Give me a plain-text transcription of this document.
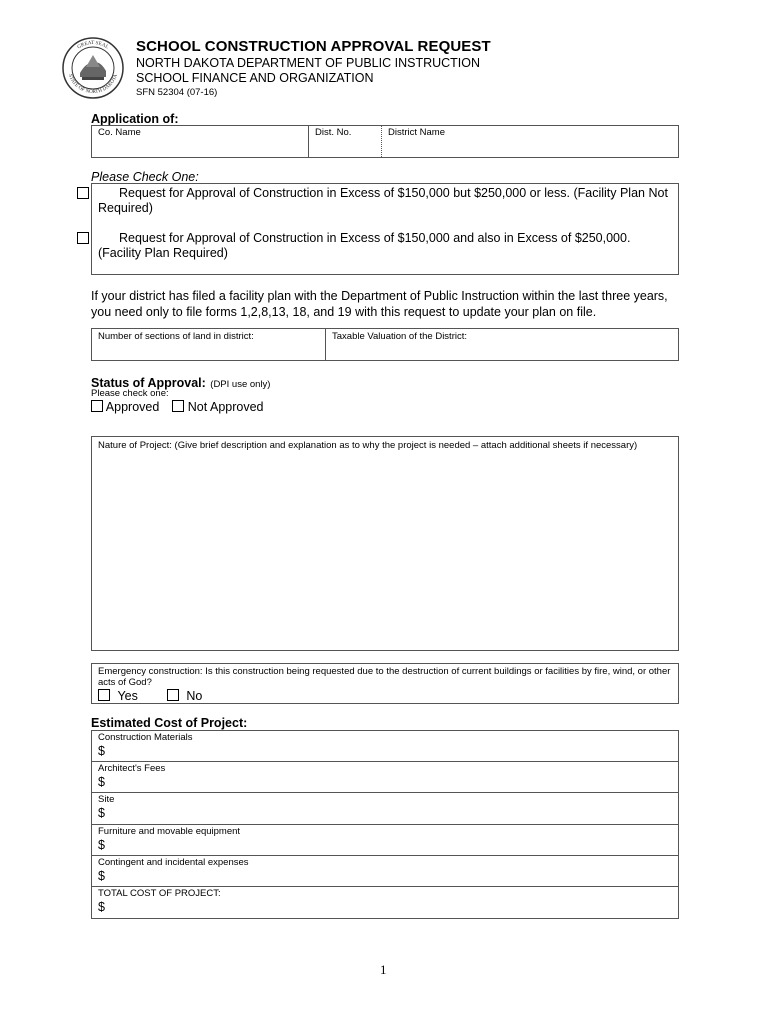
GREAT SEAL
STATE OF NORTH DAKOTA
SCHOOL CONSTRUCTION APPROVAL REQUEST
NORTH DAKOTA DEPARTMENT OF PUBLIC INSTRUCTION
SCHOOL FINANCE AND ORGANIZATION
SFN 52304 (07-16)
Application of:
Co. Name	Dist. No.	District Name
Please Check One:
Request for Approval of Construction in Excess of $150,000 but $250,000 or less. (Facility Plan Not Required)
Request for Approval of Construction in Excess of $150,000 and also in Excess of $250,000. (Facility Plan Required)
If your district has filed a facility plan with the Department of Public Instruction within the last three years, you need only to file forms 1,2,8,13, 18, and 19 with this request to update your plan on file.
Number of sections of land in district:	Taxable Valuation of the District:
Status of Approval: (DPI use only)
Please check one:
Approved Not Approved
Nature of Project: (Give brief description and explanation as to why the project is needed – attach additional sheets if necessary)
Emergency construction: Is this construction being requested due to the destruction of current buildings or facilities by fire, wind, or other acts of God?
Yes	No
Estimated Cost of Project:
Construction Materials
$
Architect's Fees
$
Site
$
Furniture and movable equipment
$
Contingent and incidental expenses
$
TOTAL COST OF PROJECT:
$
1
